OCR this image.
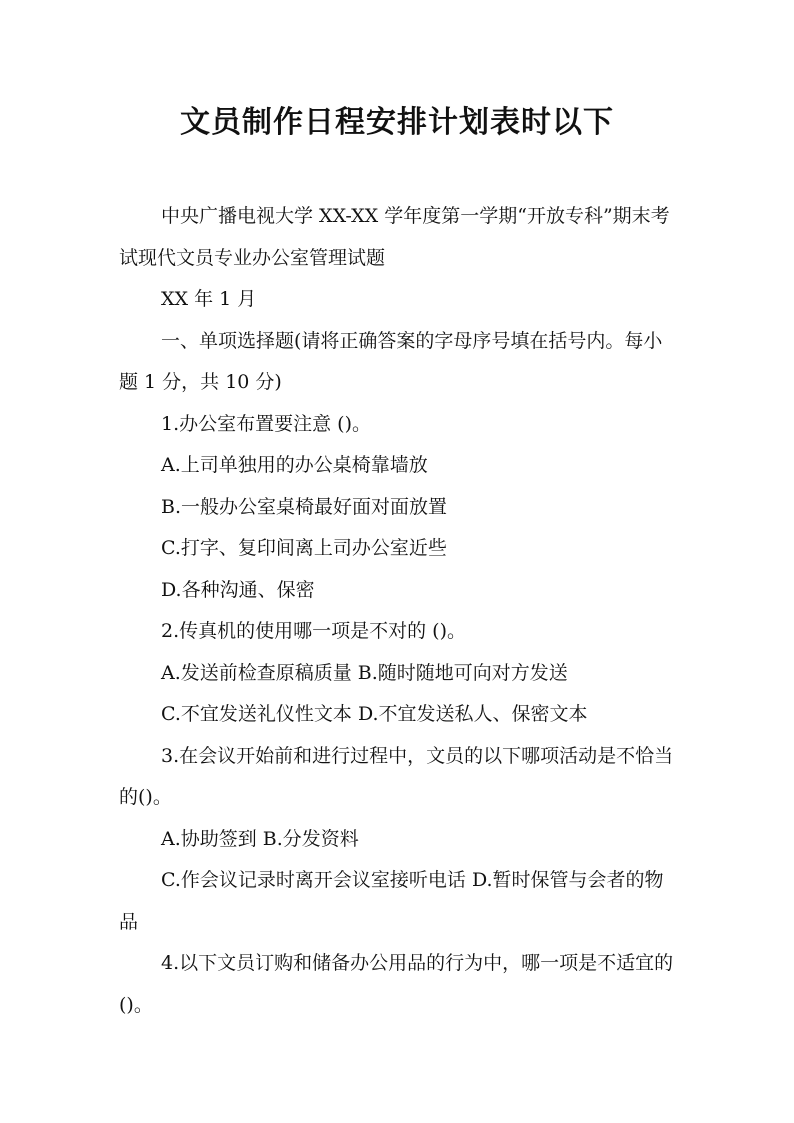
文员制作日程安排计划表时以下

中央广播电视大学 XX-XX 学年度第一学期“开放专科”期末考试现代文员专业办公室管理试题

XX 年 1 月

一、单项选择题(请将正确答案的字母序号填在括号内。每小题 1 分，共 10 分)

1.办公室布置要注意 ()。

A.上司单独用的办公桌椅靠墙放

B.一般办公室桌椅最好面对面放置

C.打字、复印间离上司办公室近些

D.各种沟通、保密

2.传真机的使用哪一项是不对的 ()。

A.发送前检查原稿质量 B.随时随地可向对方发送

C.不宜发送礼仪性文本 D.不宜发送私人、保密文本

3.在会议开始前和进行过程中，文员的以下哪项活动是不恰当的()。

A.协助签到 B.分发资料

C.作会议记录时离开会议室接听电话 D.暂时保管与会者的物品

4.以下文员订购和储备办公用品的行为中，哪一项是不适宜的()。
